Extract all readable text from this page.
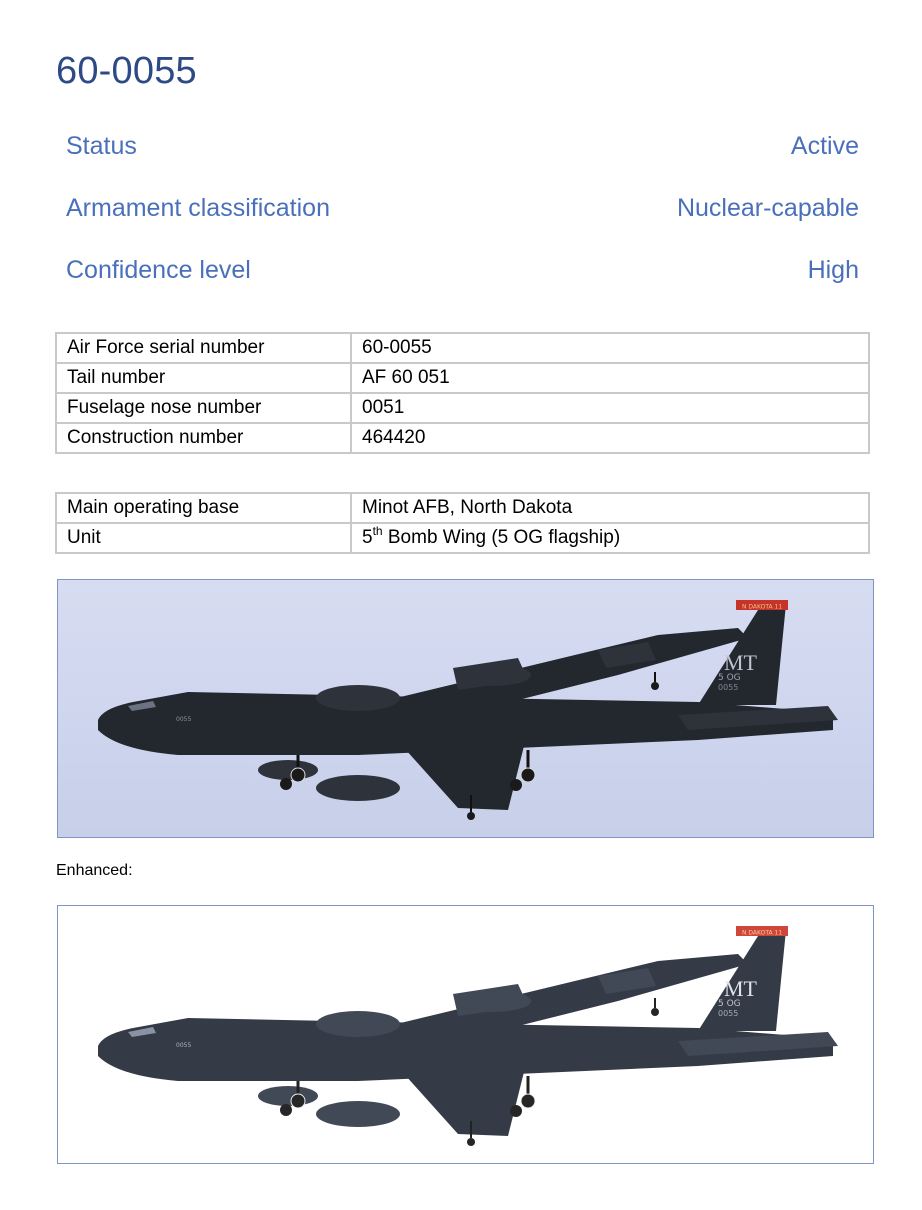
60-0055
Status	Active
Armament classification	Nuclear-capable
Confidence level	High
Air Force serial number	60-0055
Tail number	AF 60 051
Fuselage nose number	0051
Construction number	464420
Main operating base	Minot AFB, North Dakota
Unit	5th Bomb Wing (5 OG flagship)
N DAKOTA 11
MT
5 OG
0055
0055
Enhanced:
N DAKOTA 11
MT
5 OG
0055
0055
